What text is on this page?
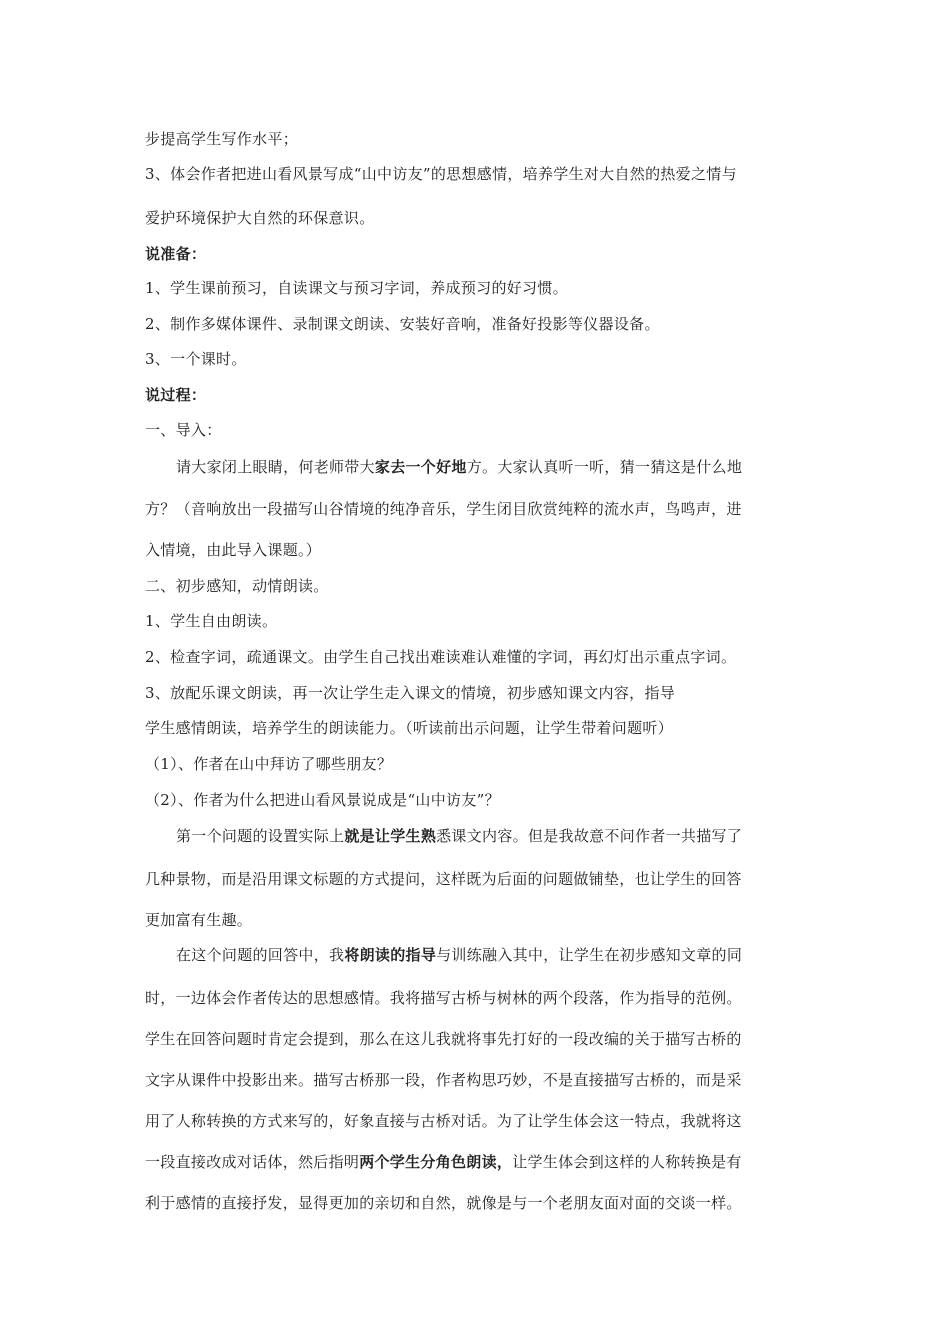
步提高学生写作水平；
3、体会作者把进山看风景写成“山中访友”的思想感情，培养学生对大自然的热爱之情与
爱护环境保护大自然的环保意识。
说准备：
1、学生课前预习，自读课文与预习字词，养成预习的好习惯。
2、制作多媒体课件、录制课文朗读、安装好音响，准备好投影等仪器设备。
3、一个课时。
说过程：
一、导入：
请大家闭上眼睛，何老师带大家去一个好地方。大家认真听一听，猜一猜这是什么地
方？（音响放出一段描写山谷情境的纯净音乐，学生闭目欣赏纯粹的流水声，鸟鸣声，进
入情境，由此导入课题。）
二、初步感知，动情朗读。
1、学生自由朗读。
2、检查字词，疏通课文。由学生自己找出难读难认难懂的字词，再幻灯出示重点字词。
3、放配乐课文朗读，再一次让学生走入课文的情境，初步感知课文内容，指导
学生感情朗读，培养学生的朗读能力。（听读前出示问题，让学生带着问题听）
（1）、作者在山中拜访了哪些朋友？
（2）、作者为什么把进山看风景说成是“山中访友”？
第一个问题的设置实际上就是让学生熟悉课文内容。但是我故意不问作者一共描写了
几种景物，而是沿用课文标题的方式提问，这样既为后面的问题做铺垫，也让学生的回答
更加富有生趣。
在这个问题的回答中，我将朗读的指导与训练融入其中，让学生在初步感知文章的同
时，一边体会作者传达的思想感情。我将描写古桥与树林的两个段落，作为指导的范例。
学生在回答问题时肯定会提到，那么在这儿我就将事先打好的一段改编的关于描写古桥的
文字从课件中投影出来。描写古桥那一段，作者构思巧妙，不是直接描写古桥的，而是采
用了人称转换的方式来写的，好象直接与古桥对话。为了让学生体会这一特点，我就将这
一段直接改成对话体，然后指明两个学生分角色朗读，让学生体会到这样的人称转换是有
利于感情的直接抒发，显得更加的亲切和自然，就像是与一个老朋友面对面的交谈一样。
